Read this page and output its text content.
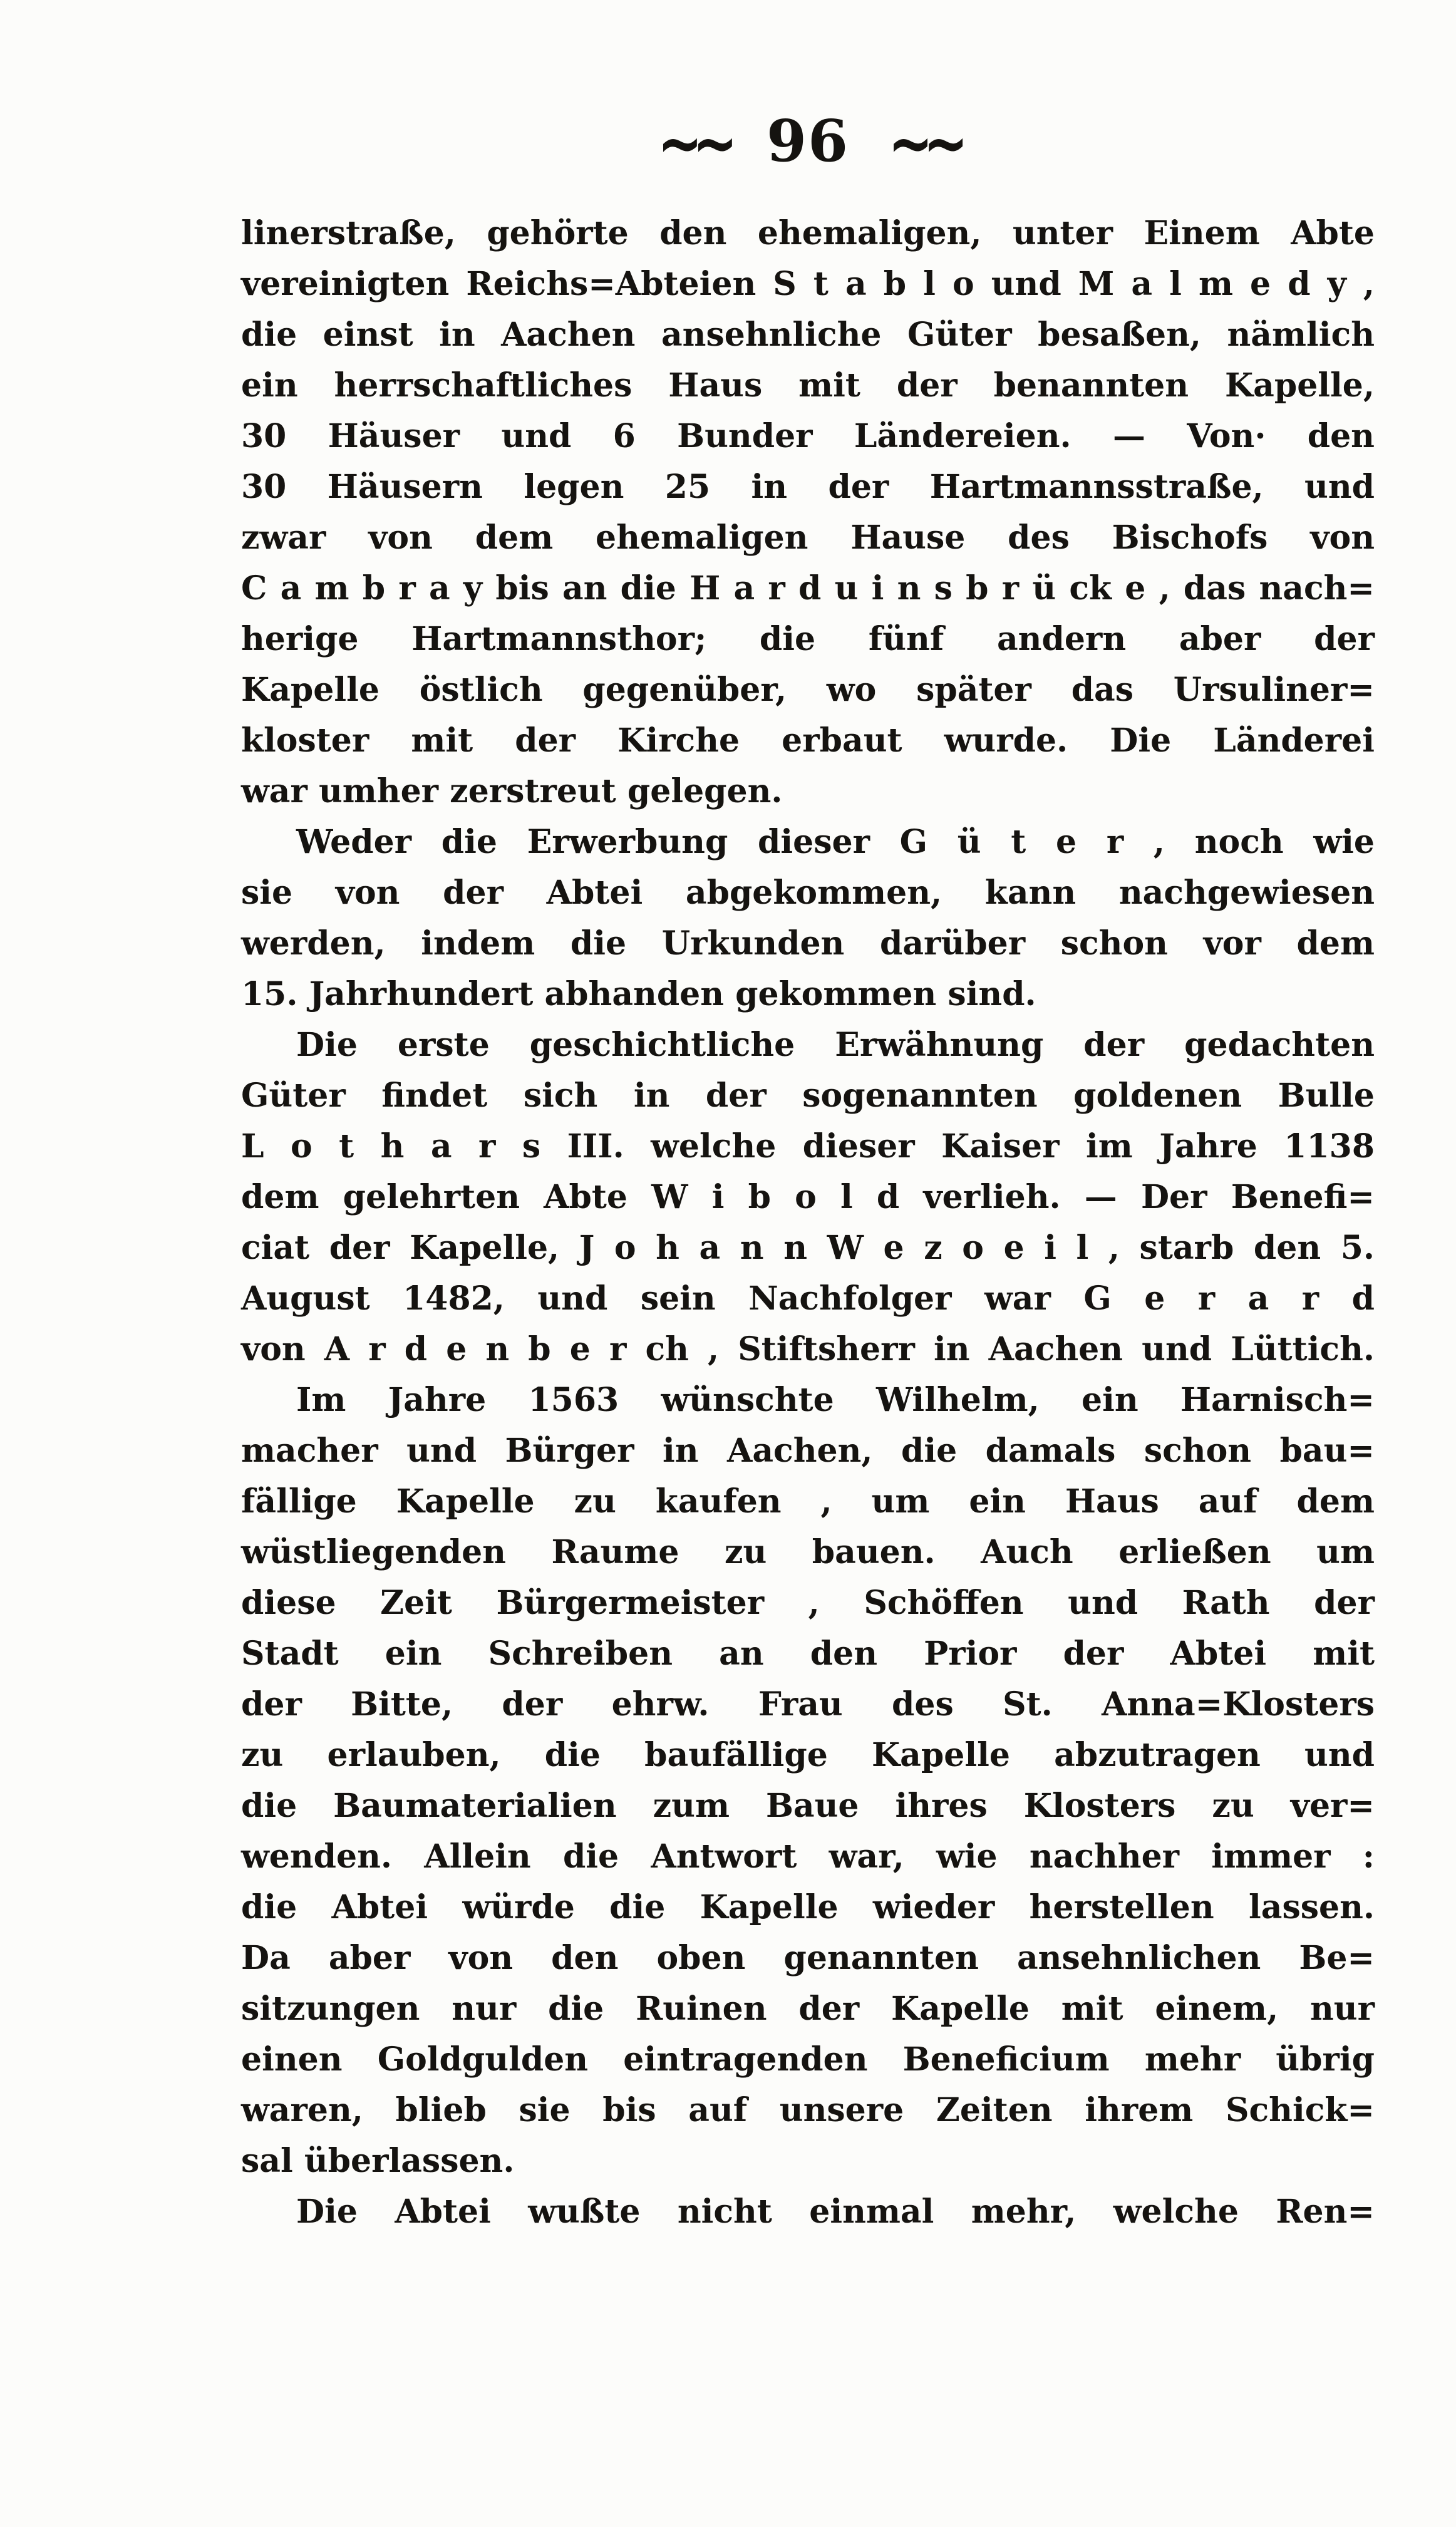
~~ 96 ~~
linerstraße, gehörte den ehemaligen, unter Einem Abte
vereinigten Reichs=Abteien S t a b l o und M a l m e d y ,
die einst in Aachen ansehnliche Güter besaßen, nämlich
ein herrschaftliches Haus mit der benannten Kapelle,
30 Häuser und 6 Bunder Ländereien. — Von· den
30 Häusern legen 25 in der Hartmannsstraße, und
zwar von dem ehemaligen Hause des Bischofs von
C a m b r a y bis an die H a r d u i n s b r ü ck e , das nach=
herige Hartmannsthor; die fünf andern aber der
Kapelle östlich gegenüber, wo später das Ursuliner=
kloster mit der Kirche erbaut wurde. Die Länderei
war umher zerstreut gelegen.
Weder die Erwerbung dieser G ü t e r , noch wie
sie von der Abtei abgekommen, kann nachgewiesen
werden, indem die Urkunden darüber schon vor dem
15. Jahrhundert abhanden gekommen sind.
Die erste geschichtliche Erwähnung der gedachten
Güter findet sich in der sogenannten goldenen Bulle
L o t h a r s III. welche dieser Kaiser im Jahre 1138
dem gelehrten Abte W i b o l d verlieh. — Der Benefi=
ciat der Kapelle, J o h a n n W e z o e i l , starb den 5.
August 1482, und sein Nachfolger war G e r a r d
von A r d e n b e r ch , Stiftsherr in Aachen und Lüttich.
Im Jahre 1563 wünschte Wilhelm, ein Harnisch=
macher und Bürger in Aachen, die damals schon bau=
fällige Kapelle zu kaufen , um ein Haus auf dem
wüstliegenden Raume zu bauen. Auch erließen um
diese Zeit Bürgermeister , Schöffen und Rath der
Stadt ein Schreiben an den Prior der Abtei mit
der Bitte, der ehrw. Frau des St. Anna=Klosters
zu erlauben, die baufällige Kapelle abzutragen und
die Baumaterialien zum Baue ihres Klosters zu ver=
wenden. Allein die Antwort war, wie nachher immer :
die Abtei würde die Kapelle wieder herstellen lassen.
Da aber von den oben genannten ansehnlichen Be=
sitzungen nur die Ruinen der Kapelle mit einem, nur
einen Goldgulden eintragenden Beneficium mehr übrig
waren, blieb sie bis auf unsere Zeiten ihrem Schick=
sal überlassen.
Die Abtei wußte nicht einmal mehr, welche Ren=
